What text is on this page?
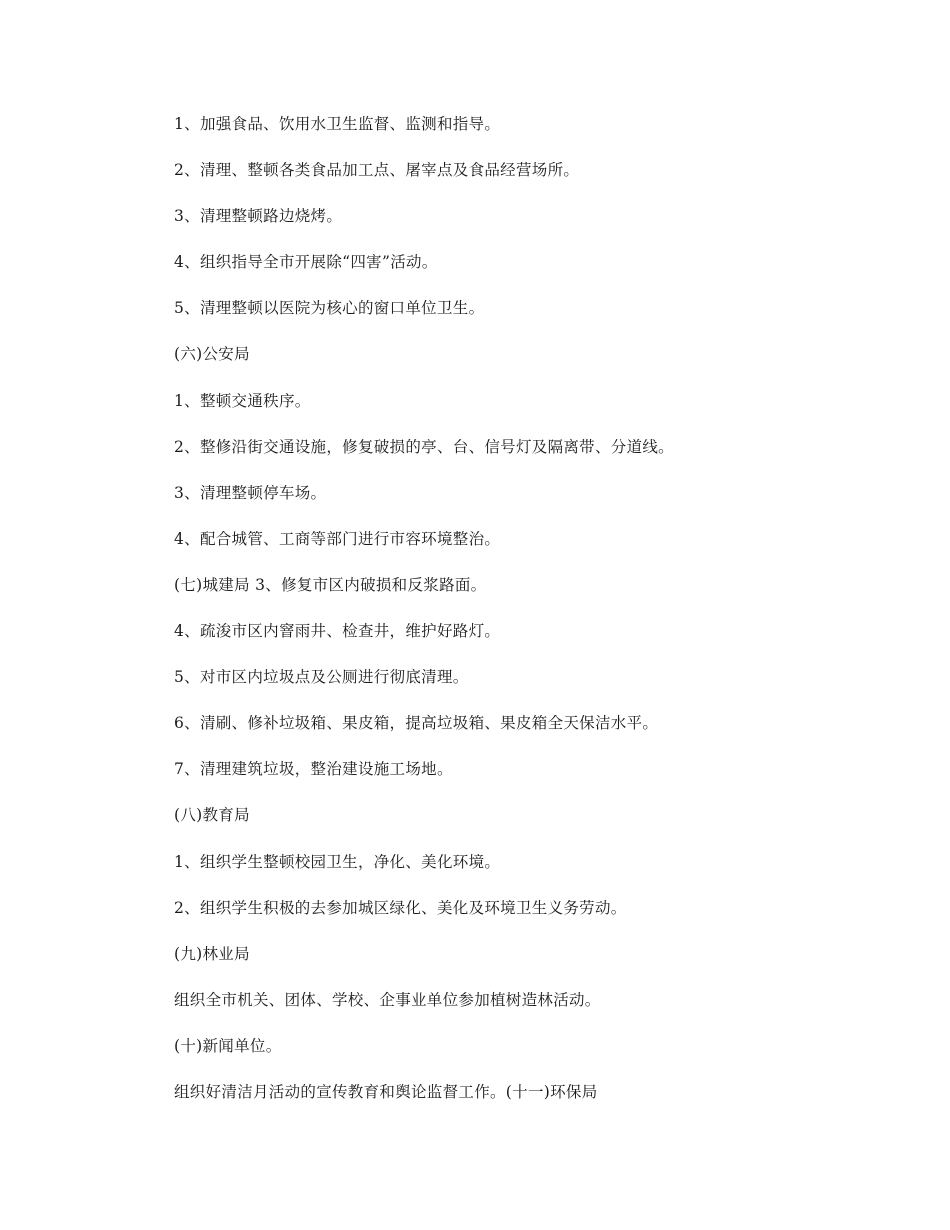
1、加强食品、饮用水卫生监督、监测和指导。
2、清理、整顿各类食品加工点、屠宰点及食品经营场所。
3、清理整顿路边烧烤。
4、组织指导全市开展除“四害”活动。
5、清理整顿以医院为核心的窗口单位卫生。
(六)公安局
1、整顿交通秩序。
2、整修沿街交通设施，修复破损的亭、台、信号灯及隔离带、分道线。
3、清理整顿停车场。
4、配合城管、工商等部门进行市容环境整治。
(七)城建局 3、修复市区内破损和反浆路面。
4、疏浚市区内窨雨井、检查井，维护好路灯。
5、对市区内垃圾点及公厕进行彻底清理。
6、清刷、修补垃圾箱、果皮箱，提高垃圾箱、果皮箱全天保洁水平。
7、清理建筑垃圾，整治建设施工场地。
(八)教育局
1、组织学生整顿校园卫生，净化、美化环境。
2、组织学生积极的去参加城区绿化、美化及环境卫生义务劳动。
(九)林业局
组织全市机关、团体、学校、企事业单位参加植树造林活动。
(十)新闻单位。
组织好清洁月活动的宣传教育和舆论监督工作。(十一)环保局
